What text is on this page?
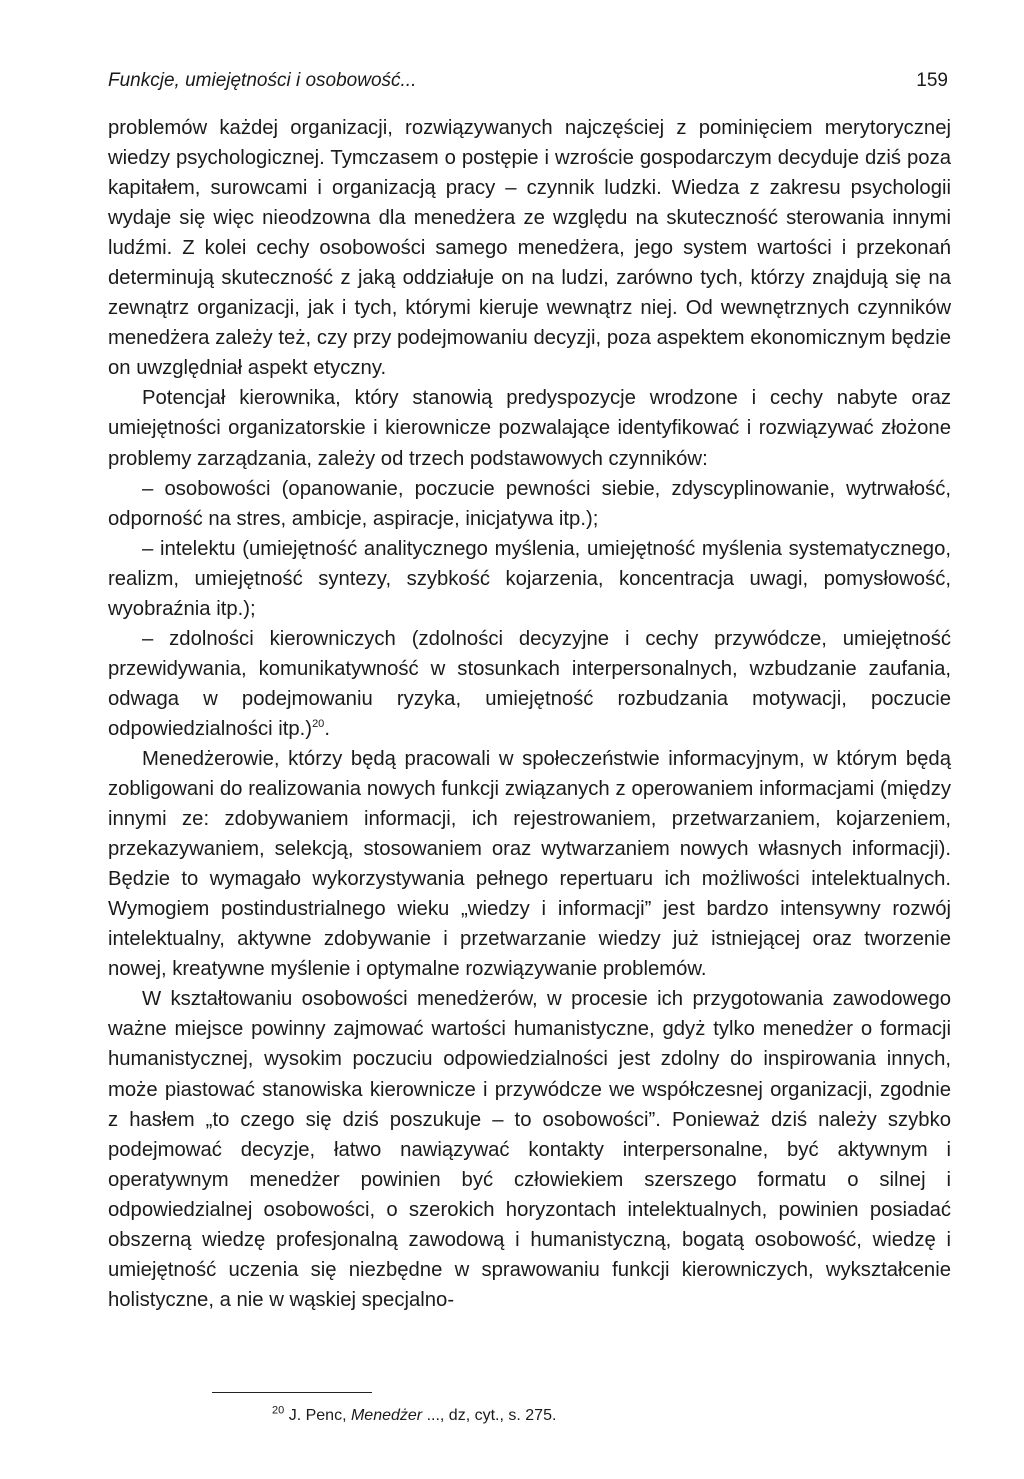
Funkcje, umiejętności i osobowość...	159

problemów każdej organizacji, rozwiązywanych najczęściej z pominięciem merytorycznej wiedzy psychologicznej. Tymczasem o postępie i wzroście gospodarczym decyduje dziś poza kapitałem, surowcami i organizacją pracy – czynnik ludzki. Wiedza z zakresu psychologii wydaje się więc nieodzowna dla menedżera ze względu na skuteczność sterowania innymi ludźmi. Z kolei cechy osobowości samego menedżera, jego system wartości i przekonań determinują skuteczność z jaką oddziałuje on na ludzi, zarówno tych, którzy znajdują się na zewnątrz organizacji, jak i tych, którymi kieruje wewnątrz niej. Od wewnętrznych czynników menedżera zależy też, czy przy podejmowaniu decyzji, poza aspektem ekonomicznym będzie on uwzględniał aspekt etyczny.

Potencjał kierownika, który stanowią predyspozycje wrodzone i cechy nabyte oraz umiejętności organizatorskie i kierownicze pozwalające identyfikować i rozwiązywać złożone problemy zarządzania, zależy od trzech podstawowych czynników:

– osobowości (opanowanie, poczucie pewności siebie, zdyscyplinowanie, wytrwałość, odporność na stres, ambicje, aspiracje, inicjatywa itp.);

– intelektu (umiejętność analitycznego myślenia, umiejętność myślenia systematycznego, realizm, umiejętność syntezy, szybkość kojarzenia, koncentracja uwagi, pomysłowość, wyobraźnia itp.);

– zdolności kierowniczych (zdolności decyzyjne i cechy przywódcze, umiejętność przewidywania, komunikatywność w stosunkach interpersonalnych, wzbudzanie zaufania, odwaga w podejmowaniu ryzyka, umiejętność rozbudzania motywacji, poczucie odpowiedzialności itp.)$^{20}$.

Menedżerowie, którzy będą pracowali w społeczeństwie informacyjnym, w którym będą zobligowani do realizowania nowych funkcji związanych z operowaniem informacjami (między innymi ze: zdobywaniem informacji, ich rejestrowaniem, przetwarzaniem, kojarzeniem, przekazywaniem, selekcją, stosowaniem oraz wytwarzaniem nowych własnych informacji). Będzie to wymagało wykorzystywania pełnego repertuaru ich możliwości intelektualnych. Wymogiem postindustrialnego wieku „wiedzy i informacji” jest bardzo intensywny rozwój intelektualny, aktywne zdobywanie i przetwarzanie wiedzy już istniejącej oraz tworzenie nowej, kreatywne myślenie i optymalne rozwiązywanie problemów.

W kształtowaniu osobowości menedżerów, w procesie ich przygotowania zawodowego ważne miejsce powinny zajmować wartości humanistyczne, gdyż tylko menedżer o formacji humanistycznej, wysokim poczuciu odpowiedzialności jest zdolny do inspirowania innych, może piastować stanowiska kierownicze i przywódcze we współczesnej organizacji, zgodnie z hasłem „to czego się dziś poszukuje – to osobowości”. Ponieważ dziś należy szybko podejmować decyzje, łatwo nawiązywać kontakty interpersonalne, być aktywnym i operatywnym menedżer powinien być człowiekiem szerszego formatu o silnej i odpowiedzialnej osobowości, o szerokich horyzontach intelektualnych, powinien posiadać obszerną wiedzę profesjonalną zawodową i humanistyczną, bogatą osobowość, wiedzę i umiejętność uczenia się niezbędne w sprawowaniu funkcji kierowniczych, wykształcenie holistyczne, a nie w wąskiej specjalno-

$^{20}$ J. Penc, Menedżer ..., dz, cyt., s. 275.
